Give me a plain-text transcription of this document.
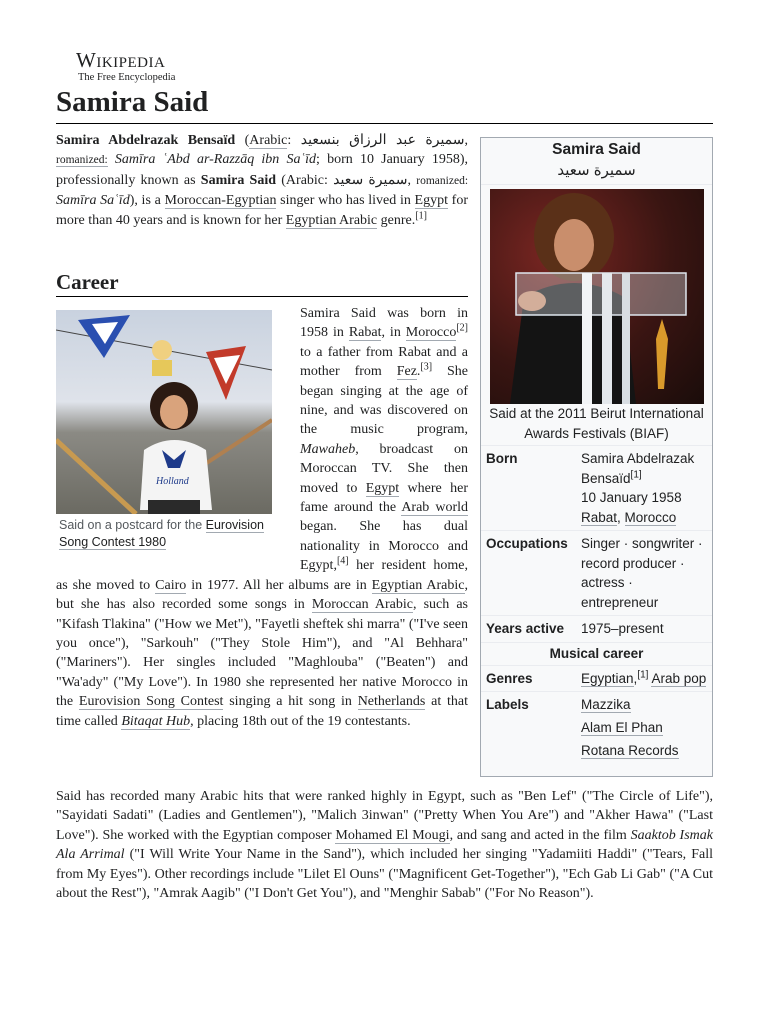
Wikipedia
The Free Encyclopedia
Samira Said

Samira Abdelrazak Bensaïd (Arabic: سميرة عبد الرزاق بنسعيد, romanized: Samīra ʿAbd ar-Razzāq ibn Saʿīd; born 10 January 1958), professionally known as Samira Said (Arabic: سميرة سعيد, romanized: Samīra Saʿīd), is a Moroccan-Egyptian singer who has lived in Egypt for more than 40 years and is known for her Egyptian Arabic genre.[1]

Career
Holland
Said on a postcard for the Eurovision Song Contest 1980

Samira Said was born in 1958 in Rabat, in Morocco[2] to a father from Rabat and a mother from Fez.[3] She began singing at the age of nine, and was discovered on the music program, Mawaheb, broadcast on Moroccan TV. She then moved to Egypt where her fame around the Arab world began. She has dual nationality in Morocco and Egypt,[4] her resident home, as she moved to Cairo in 1977. All her albums are in Egyptian Arabic, but she has also recorded some songs in Moroccan Arabic, such as "Kifash Tlakina" ("How we Met"), "Fayetli sheftek shi marra" ("I've seen you once"), "Sarkouh" ("They Stole Him"), and "Al Behhara" ("Mariners"). Her singles included "Maghlouba" ("Beaten") and "Wa'ady" ("My Love"). In 1980 she represented her native Morocco in the Eurovision Song Contest singing a hit song in Netherlands at that time called Bitaqat Hub, placing 18th out of the 19 contestants.

Said has recorded many Arabic hits that were ranked highly in Egypt, such as "Ben Lef" ("The Circle of Life"), "Sayidati Sadati" (Ladies and Gentlemen"), "Malich 3inwan" ("Pretty When You Are") and "Akher Hawa" ("Last Love"). She worked with the Egyptian composer Mohamed El Mougi, and sang and acted in the film Saaktob Ismak Ala Arrimal ("I Will Write Your Name in the Sand"), which included her singing "Yadamiiti Haddi" ("Tears, Fall from My Eyes"). Other recordings include "Lilet El Ouns" ("Magnificent Get-Together"), "Ech Gab Li Gab" ("A Cut about the Rest"), "Amrak Aagib" ("I Don't Get You"), and "Menghir Sabab" ("For No Reason").

Samira Said
سميرة سعيد
Said at the 2011 Beirut International Awards Festivals (BIAF)
Born	Samira Abdelrazak Bensaïd[1]
10 January 1958
Rabat, Morocco
Occupations Singer · songwriter · record producer · actress · entrepreneur
Years active	1975–present
Musical career
Genres	Egyptian,[1] Arab pop
Labels	Mazzika
Alam El Phan
Rotana Records
